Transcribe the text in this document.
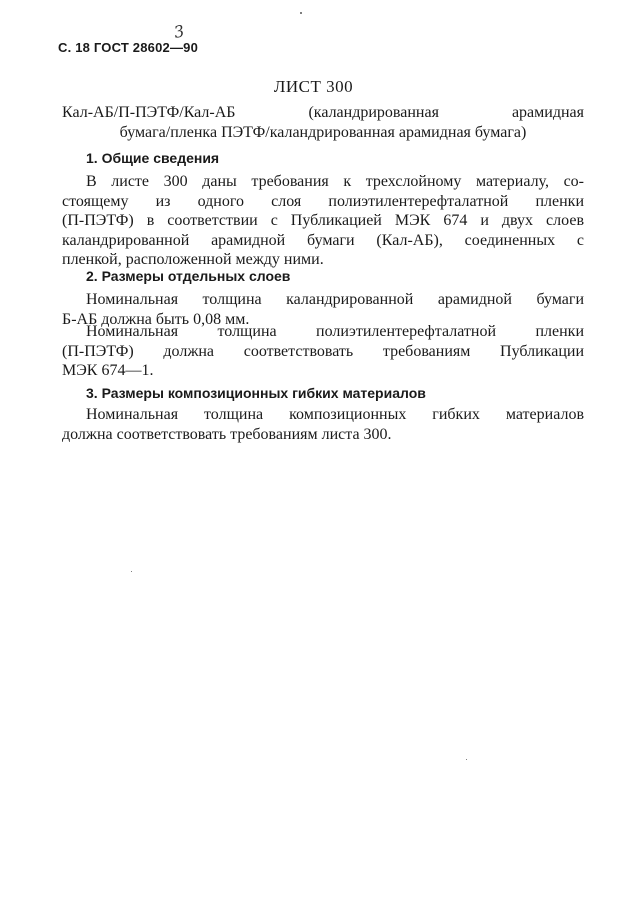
С. 18 ГОСТ 28602—90
3
ЛИСТ 300
Кал-АБ/П-ПЭТФ/Кал-АБ (каландрированная арамидная
бумага/пленка ПЭТФ/каландрированная арамидная бумага)
1. Общие сведения
В листе 300 даны требования к трехслойному материалу, со-
стоящему из одного слоя полиэтилентерефталатной пленки
(П-ПЭТФ) в соответствии с Публикацией МЭК 674 и двух слоев
каландрированной арамидной бумаги (Кал-АБ), соединенных с
пленкой, расположенной между ними.
2. Размеры отдельных слоев
Номинальная толщина каландрированной арамидной бумаги
Б-АБ должна быть 0,08 мм.
Номинальная толщина полиэтилентерефталатной пленки
(П-ПЭТФ) должна соответствовать требованиям Публикации
МЭК 674—1.
3. Размеры композиционных гибких материалов
Номинальная толщина композиционных гибких материалов
должна соответствовать требованиям листа 300.
